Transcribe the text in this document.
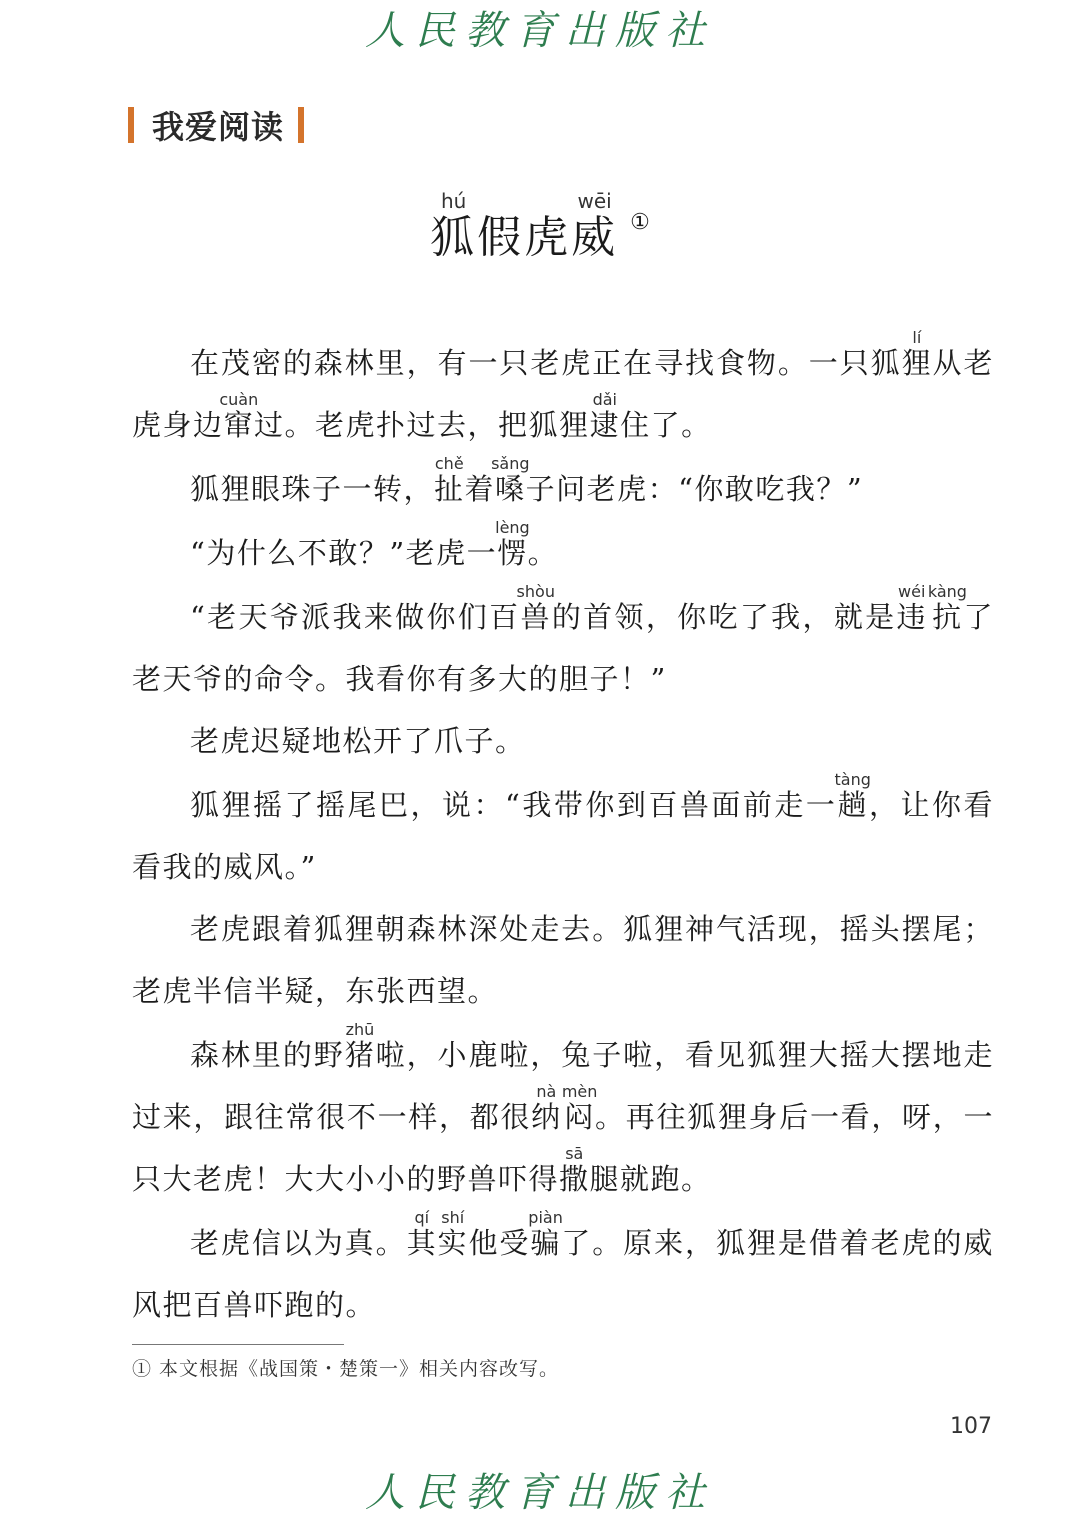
人民教育出版社
我爱阅读
狐hú假虎威wēi
①

在茂密的森林里，有一只老虎正在寻找食物。一只狐狸lí从老虎身边窜cuàn过。老虎扑过去，把狐狸逮dǎi住了。

狐狸眼珠子一转，扯chě着嗓sǎng子问老虎：“你敢吃我？”

“为什么不敢？”老虎一愣lèng。

“老天爷派我来做你们百兽shòu的首领，你吃了我，就是违wéi抗kàng了老天爷的命令。我看你有多大的胆子！”

老虎迟疑地松开了爪子。

狐狸摇了摇尾巴，说：“我带你到百兽面前走一趟tàng，让你看看我的威风。”

老虎跟着狐狸朝森林深处走去。狐狸神气活现，摇头摆尾；老虎半信半疑，东张西望。

森林里的野猪zhū啦，小鹿啦，兔子啦，看见狐狸大摇大摆地走过来，跟往常很不一样，都很纳nà闷mèn。再往狐狸身后一看，呀，一只大老虎！大大小小的野兽吓得撒sā腿就跑。

老虎信以为真。其qí实shí他受骗piàn了。原来，狐狸是借着老虎的威风把百兽吓跑的。

① 本文根据《战国策・楚策一》相关内容改写。
107
人民教育出版社
